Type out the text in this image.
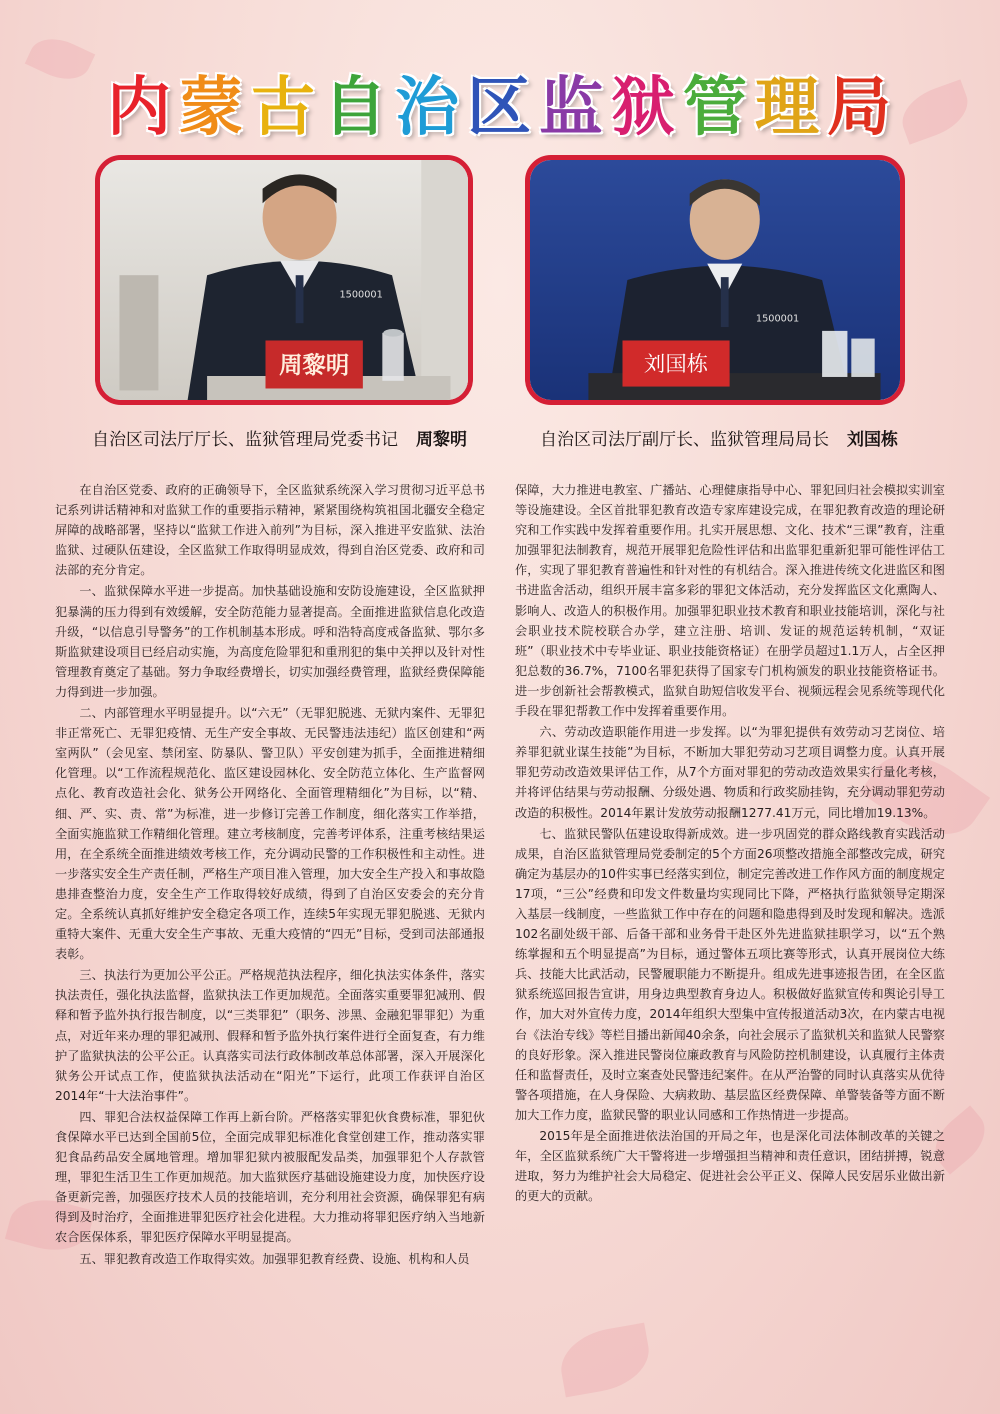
内 蒙 古 自 治 区 监 狱 管 理 局
周黎明
1500001
刘国栋
1500001
自治区司法厅厅长、监狱管理局党委书记 周黎明	自治区司法厅副厅长、监狱管理局局长 刘国栋

在自治区党委、政府的正确领导下，全区监狱系统深入学习贯彻习近平总书记系列讲话精神和对监狱工作的重要指示精神，紧紧围绕构筑祖国北疆安全稳定屏障的战略部署，坚持以“监狱工作进入前列”为目标，深入推进平安监狱、法治监狱、过硬队伍建设，全区监狱工作取得明显成效，得到自治区党委、政府和司法部的充分肯定。

一、监狱保障水平进一步提高。加快基础设施和安防设施建设，全区监狱押犯暴满的压力得到有效缓解，安全防范能力显著提高。全面推进监狱信息化改造升级，“以信息引导警务”的工作机制基本形成。呼和浩特高度戒备监狱、鄂尔多斯监狱建设项目已经启动实施，为高度危险罪犯和重刑犯的集中关押以及针对性管理教育奠定了基础。努力争取经费增长，切实加强经费管理，监狱经费保障能力得到进一步加强。

二、内部管理水平明显提升。以“六无”（无罪犯脱逃、无狱内案件、无罪犯非正常死亡、无罪犯疫情、无生产安全事故、无民警违法违纪）监区创建和“两室两队”（会见室、禁闭室、防暴队、警卫队）平安创建为抓手，全面推进精细化管理。以“工作流程规范化、监区建设园林化、安全防范立体化、生产监督网点化、教育改造社会化、狱务公开网络化、全面管理精细化”为目标，以“精、细、严、实、责、常”为标准，进一步修订完善工作制度，细化落实工作举措，全面实施监狱工作精细化管理。建立考核制度，完善考评体系，注重考核结果运用，在全系统全面推进绩效考核工作，充分调动民警的工作积极性和主动性。进一步落实安全生产责任制，严格生产项目准入管理，加大安全生产投入和事故隐患排查整治力度，安全生产工作取得较好成绩，得到了自治区安委会的充分肯定。全系统认真抓好维护安全稳定各项工作，连续5年实现无罪犯脱逃、无狱内重特大案件、无重大安全生产事故、无重大疫情的“四无”目标，受到司法部通报表彰。

三、执法行为更加公平公正。严格规范执法程序，细化执法实体条件，落实执法责任，强化执法监督，监狱执法工作更加规范。全面落实重要罪犯减刑、假释和暂予监外执行报告制度，以“三类罪犯”（职务、涉黑、金融犯罪罪犯）为重点，对近年来办理的罪犯减刑、假释和暂予监外执行案件进行全面复查，有力维护了监狱执法的公平公正。认真落实司法行政体制改革总体部署，深入开展深化狱务公开试点工作，使监狱执法活动在“阳光”下运行，此项工作获评自治区2014年“十大法治事件”。

四、罪犯合法权益保障工作再上新台阶。严格落实罪犯伙食费标准，罪犯伙食保障水平已达到全国前5位，全面完成罪犯标准化食堂创建工作，推动落实罪犯食品药品安全属地管理。增加罪犯狱内被服配发品类，加强罪犯个人存款管理，罪犯生活卫生工作更加规范。加大监狱医疗基础设施建设力度，加快医疗设备更新完善，加强医疗技术人员的技能培训，充分利用社会资源，确保罪犯有病得到及时治疗，全面推进罪犯医疗社会化进程。大力推动将罪犯医疗纳入当地新农合医保体系，罪犯医疗保障水平明显提高。

五、罪犯教育改造工作取得实效。加强罪犯教育经费、设施、机构和人员

保障，大力推进电教室、广播站、心理健康指导中心、罪犯回归社会模拟实训室等设施建设。全区首批罪犯教育改造专家库建设完成，在罪犯教育改造的理论研究和工作实践中发挥着重要作用。扎实开展思想、文化、技术“三课”教育，注重加强罪犯法制教育，规范开展罪犯危险性评估和出监罪犯重新犯罪可能性评估工作，实现了罪犯教育普遍性和针对性的有机结合。深入推进传统文化进监区和图书进监舍活动，组织开展丰富多彩的罪犯文体活动，充分发挥监区文化熏陶人、影响人、改造人的积极作用。加强罪犯职业技术教育和职业技能培训，深化与社会职业技术院校联合办学，建立注册、培训、发证的规范运转机制，“双证班”（职业技术中专毕业证、职业技能资格证）在册学员超过1.1万人，占全区押犯总数的36.7%，7100名罪犯获得了国家专门机构颁发的职业技能资格证书。进一步创新社会帮教模式，监狱自助短信收发平台、视频远程会见系统等现代化手段在罪犯帮教工作中发挥着重要作用。

六、劳动改造职能作用进一步发挥。以“为罪犯提供有效劳动习艺岗位、培养罪犯就业谋生技能”为目标，不断加大罪犯劳动习艺项目调整力度。认真开展罪犯劳动改造效果评估工作，从7个方面对罪犯的劳动改造效果实行量化考核，并将评估结果与劳动报酬、分级处遇、物质和行政奖励挂钩，充分调动罪犯劳动改造的积极性。2014年累计发放劳动报酬1277.41万元，同比增加19.13%。

七、监狱民警队伍建设取得新成效。进一步巩固党的群众路线教育实践活动成果，自治区监狱管理局党委制定的5个方面26项整改措施全部整改完成，研究确定为基层办的10件实事已经落实到位，制定完善改进工作作风方面的制度规定17项，“三公”经费和印发文件数量均实现同比下降，严格执行监狱领导定期深入基层一线制度，一些监狱工作中存在的问题和隐患得到及时发现和解决。选派102名副处级干部、后备干部和业务骨干赴区外先进监狱挂职学习，以“五个熟练掌握和五个明显提高”为目标，通过警体五项比赛等形式，认真开展岗位大练兵、技能大比武活动，民警履职能力不断提升。组成先进事迹报告团，在全区监狱系统巡回报告宣讲，用身边典型教育身边人。积极做好监狱宣传和舆论引导工作，加大对外宣传力度，2014年组织大型集中宣传报道活动3次，在内蒙古电视台《法治专线》等栏目播出新闻40余条，向社会展示了监狱机关和监狱人民警察的良好形象。深入推进民警岗位廉政教育与风险防控机制建设，认真履行主体责任和监督责任，及时立案查处民警违纪案件。在从严治警的同时认真落实从优待警各项措施，在人身保险、大病救助、基层监区经费保障、单警装备等方面不断加大工作力度，监狱民警的职业认同感和工作热情进一步提高。

2015年是全面推进依法治国的开局之年，也是深化司法体制改革的关键之年，全区监狱系统广大干警将进一步增强担当精神和责任意识，团结拼搏，锐意进取，努力为维护社会大局稳定、促进社会公平正义、保障人民安居乐业做出新的更大的贡献。
